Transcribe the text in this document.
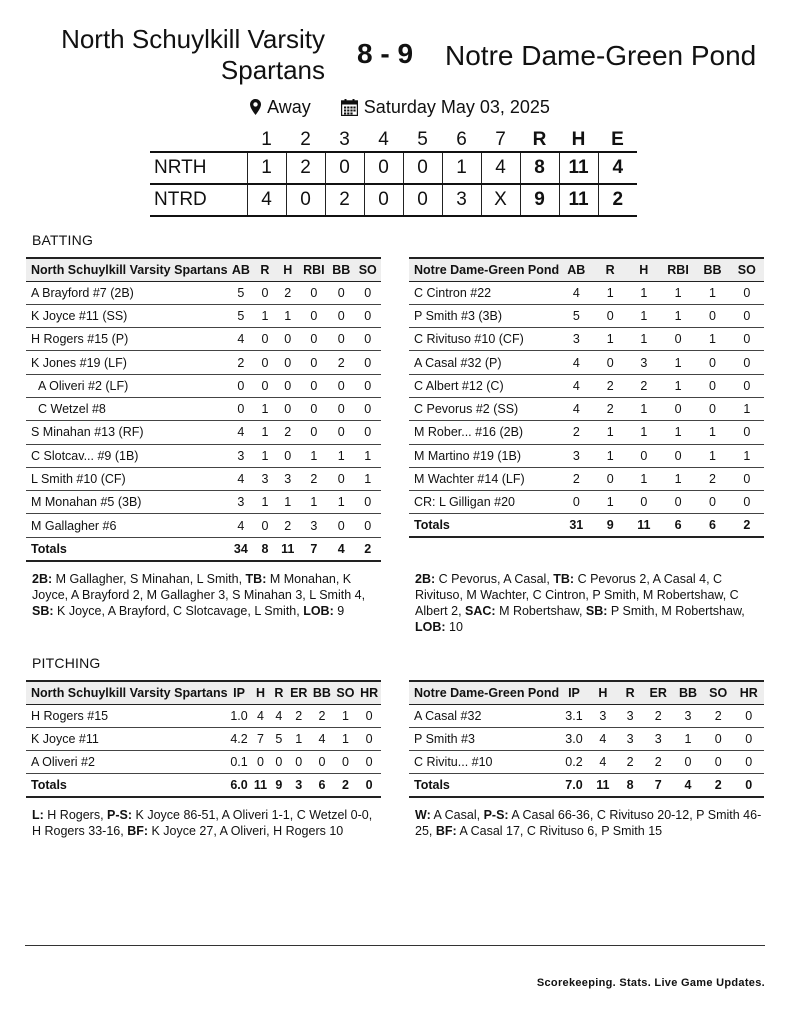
North Schuylkill Varsity
Spartans
8 - 9	Notre Dame-Green Pond
Away
	Saturday May 03, 2025
	1	2	3	4	5	6	7	R	H	E
NRTH	1	2	0	0	0	1	4	8	11	4
NTRD	4	0	2	0	0	3	X	9	11	2
BATTING
North Schuylkill Varsity Spartans	AB	R	H	RBI	BB	SO
A Brayford #7 (2B)	5	0	2	0	0	0
K Joyce #11 (SS)	5	1	1	0	0	0
H Rogers #15 (P)	4	0	0	0	0	0
K Jones #19 (LF)	2	0	0	0	2	0
A Oliveri #2 (LF)	0	0	0	0	0	0
C Wetzel #8	0	1	0	0	0	0
S Minahan #13 (RF)	4	1	2	0	0	0
C Slotcav... #9 (1B)	3	1	0	1	1	1
L Smith #10 (CF)	4	3	3	2	0	1
M Monahan #5 (3B)	3	1	1	1	1	0
M Gallagher #6	4	0	2	3	0	0
Totals	34	8	11	7	4	2
Notre Dame-Green Pond	AB	R	H	RBI	BB	SO
C Cintron #22	4	1	1	1	1	0
P Smith #3 (3B)	5	0	1	1	0	0
C Rivituso #10 (CF)	3	1	1	0	1	0
A Casal #32 (P)	4	0	3	1	0	0
C Albert #12 (C)	4	2	2	1	0	0
C Pevorus #2 (SS)	4	2	1	0	0	1
M Rober... #16 (2B)	2	1	1	1	1	0
M Martino #19 (1B)	3	1	0	0	1	1
M Wachter #14 (LF)	2	0	1	1	2	0
CR: L Gilligan #20	0	1	0	0	0	0
Totals	31	9	11	6	6	2
2B: M Gallagher, S Minahan, L Smith, TB: M Monahan, K Joyce, A Brayford 2, M Gallagher 3, S Minahan 3, L Smith 4, SB: K Joyce, A Brayford, C Slotcavage, L Smith, LOB: 9
2B: C Pevorus, A Casal, TB: C Pevorus 2, A Casal 4, C Rivituso, M Wachter, C Cintron, P Smith, M Robertshaw, C Albert 2, SAC: M Robertshaw, SB: P Smith, M Robertshaw, LOB: 10
PITCHING
North Schuylkill Varsity Spartans	IP	H	R	ER	BB	SO	HR
H Rogers #15	1.0	4	4	2	2	1	0
K Joyce #11	4.2	7	5	1	4	1	0
A Oliveri #2	0.1	0	0	0	0	0	0
Totals	6.0	11	9	3	6	2	0
Notre Dame-Green Pond	IP	H	R	ER	BB	SO	HR
A Casal #32	3.1	3	3	2	3	2	0
P Smith #3	3.0	4	3	3	1	0	0
C Rivitu... #10	0.2	4	2	2	0	0	0
Totals	7.0	11	8	7	4	2	0
L: H Rogers, P-S: K Joyce 86-51, A Oliveri 1-1, C Wetzel 0-0, H Rogers 33-16, BF: K Joyce 27, A Oliveri, H Rogers 10
W: A Casal, P-S: A Casal 66-36, C Rivituso 20-12, P Smith 46-25, BF: A Casal 17, C Rivituso 6, P Smith 15
Scorekeeping. Stats. Live Game Updates.
